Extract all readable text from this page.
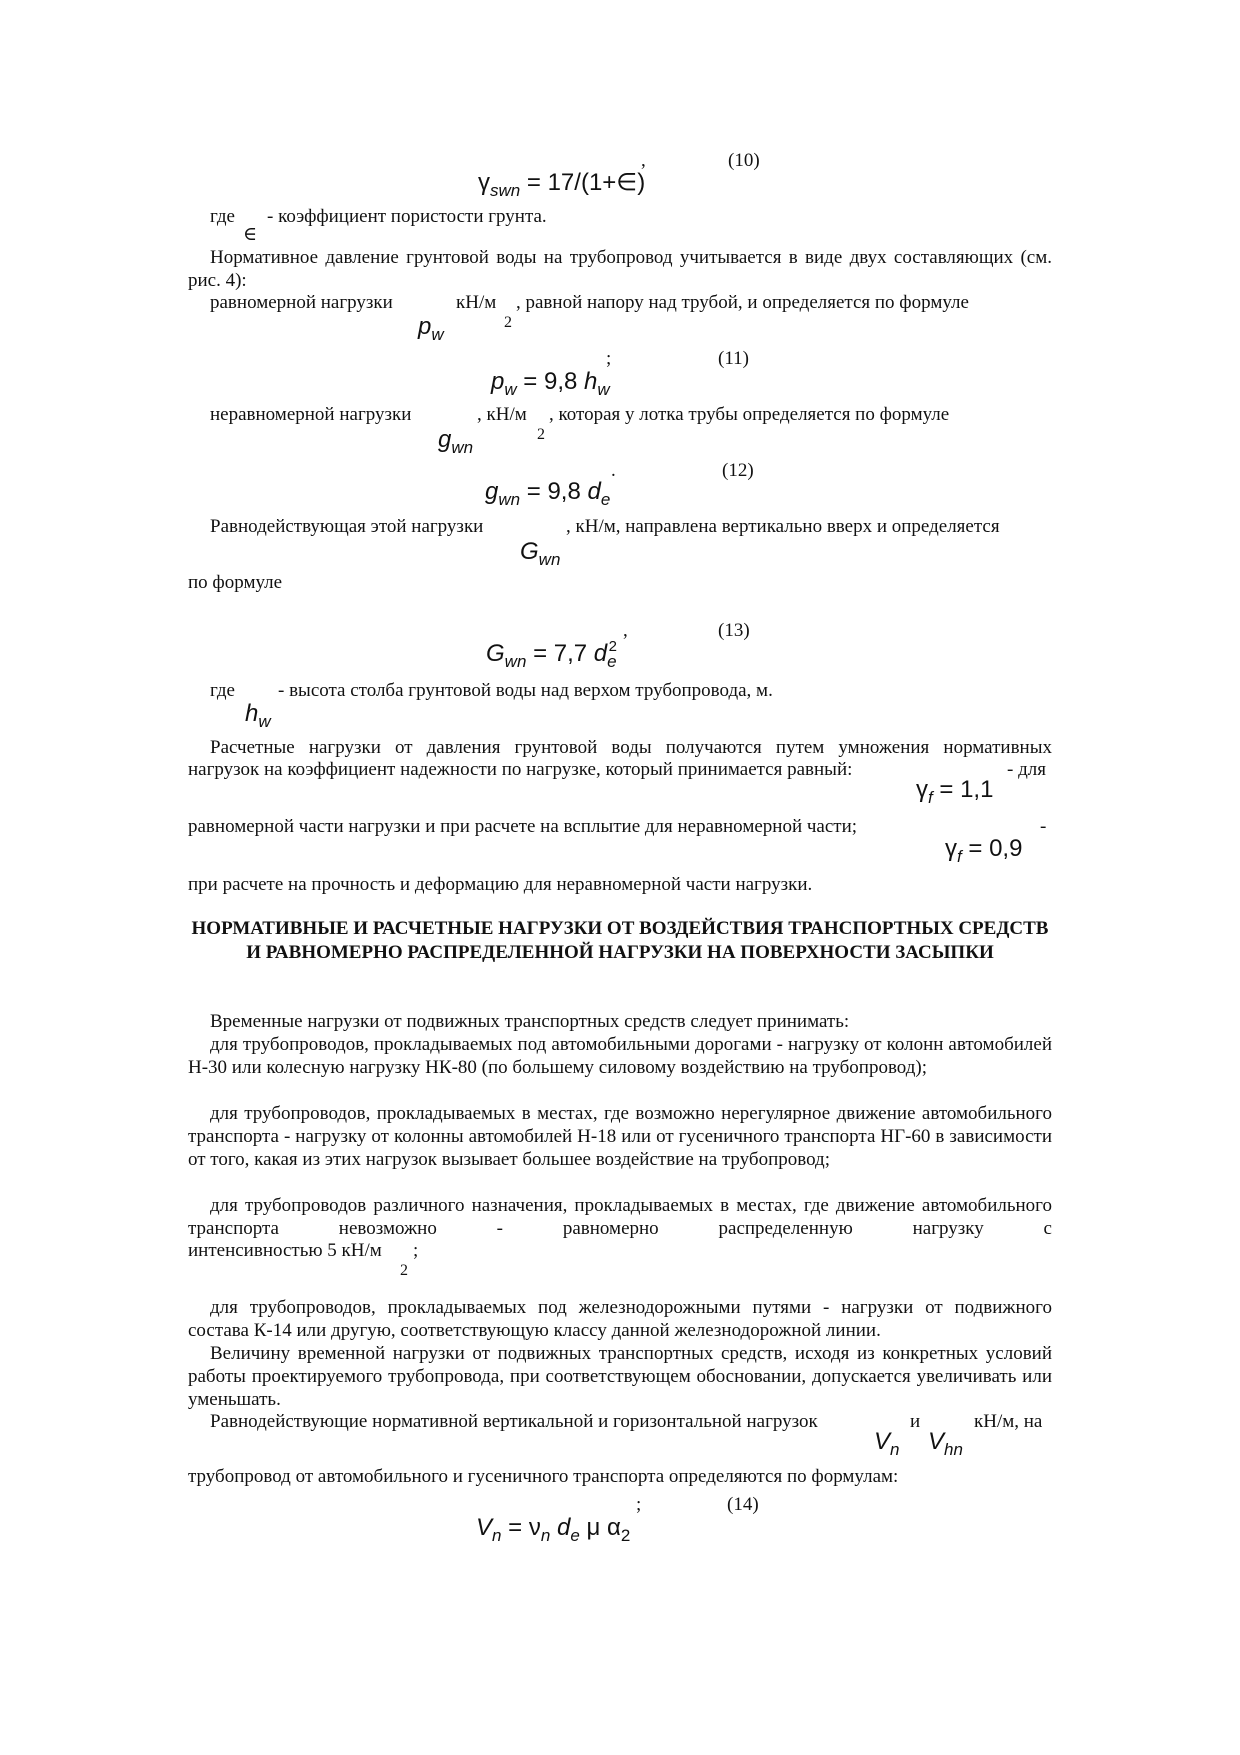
$\gamma_{swn}$ = 17/(1+∈)
,	(10)
где
∈
- коэффициент пористости грунта.
Нормативное давление грунтовой воды на трубопровод учитывается в виде двух составляющих (см. рис. 4):
равномерной нагрузки
$p_w$
кН/м
2
, равной напору над трубой, и определяется по формуле
$p_w = 9,8$ $h_w$
;	(11)
неравномерной нагрузки
$g_{wn}$
, кН/м
2
, которая у лотка трубы определяется по формуле
$g_{wn} = 9,8$ $d_e$
.	(12)
Равнодействующая этой нагрузки
$G_{wn}$
, кН/м, направлена вертикально вверх и определяется
по формуле
$G_{wn} = 7,7$ $d_e^2$
,	(13)
где
$h_w$
- высота столба грунтовой воды над верхом трубопровода, м.
Расчетные нагрузки от давления грунтовой воды получаются путем умножения нормативных
нагрузок на коэффициент надежности по нагрузке, который принимается равный:	- для
$\gamma_f = 1,1$
равномерной части нагрузки и при расчете на всплытие для неравномерной части;	-
$\gamma_f = 0,9$
при расчете на прочность и деформацию для неравномерной части нагрузки.
НОРМАТИВНЫЕ И РАСЧЕТНЫЕ НАГРУЗКИ ОТ ВОЗДЕЙСТВИЯ ТРАНСПОРТНЫХ СРЕДСТВ И РАВНОМЕРНО РАСПРЕДЕЛЕННОЙ НАГРУЗКИ НА ПОВЕРХНОСТИ ЗАСЫПКИ
Временные нагрузки от подвижных транспортных средств следует принимать:
для трубопроводов, прокладываемых под автомобильными дорогами - нагрузку от колонн автомобилей Н-30 или колесную нагрузку НК-80 (по большему силовому воздействию на трубопровод);
для трубопроводов, прокладываемых в местах, где возможно нерегулярное движение автомобильного транспорта - нагрузку от колонны автомобилей Н-18 или от гусеничного транспорта НГ-60 в зависимости от того, какая из этих нагрузок вызывает большее воздействие на трубопровод;
для трубопроводов различного назначения, прокладываемых в местах, где движение автомобильного транспорта невозможно - равномерно распределенную нагрузку с
интенсивностью 5 кН/м
2
;
для трубопроводов, прокладываемых под железнодорожными путями - нагрузки от подвижного состава К-14 или другую, соответствующую классу данной железнодорожной линии.
Величину временной нагрузки от подвижных транспортных средств, исходя из конкретных условий работы проектируемого трубопровода, при соответствующем обосновании, допускается увеличивать или уменьшать.
Равнодействующие нормативной вертикальной и горизонтальной нагрузок	и	кН/м, на
$V_n$ $V_{hn}$
трубопровод от автомобильного и гусеничного транспорта определяются по формулам:
$V_n = \nu_n$ $d_e$ μ $\alpha_2$
;	(14)
